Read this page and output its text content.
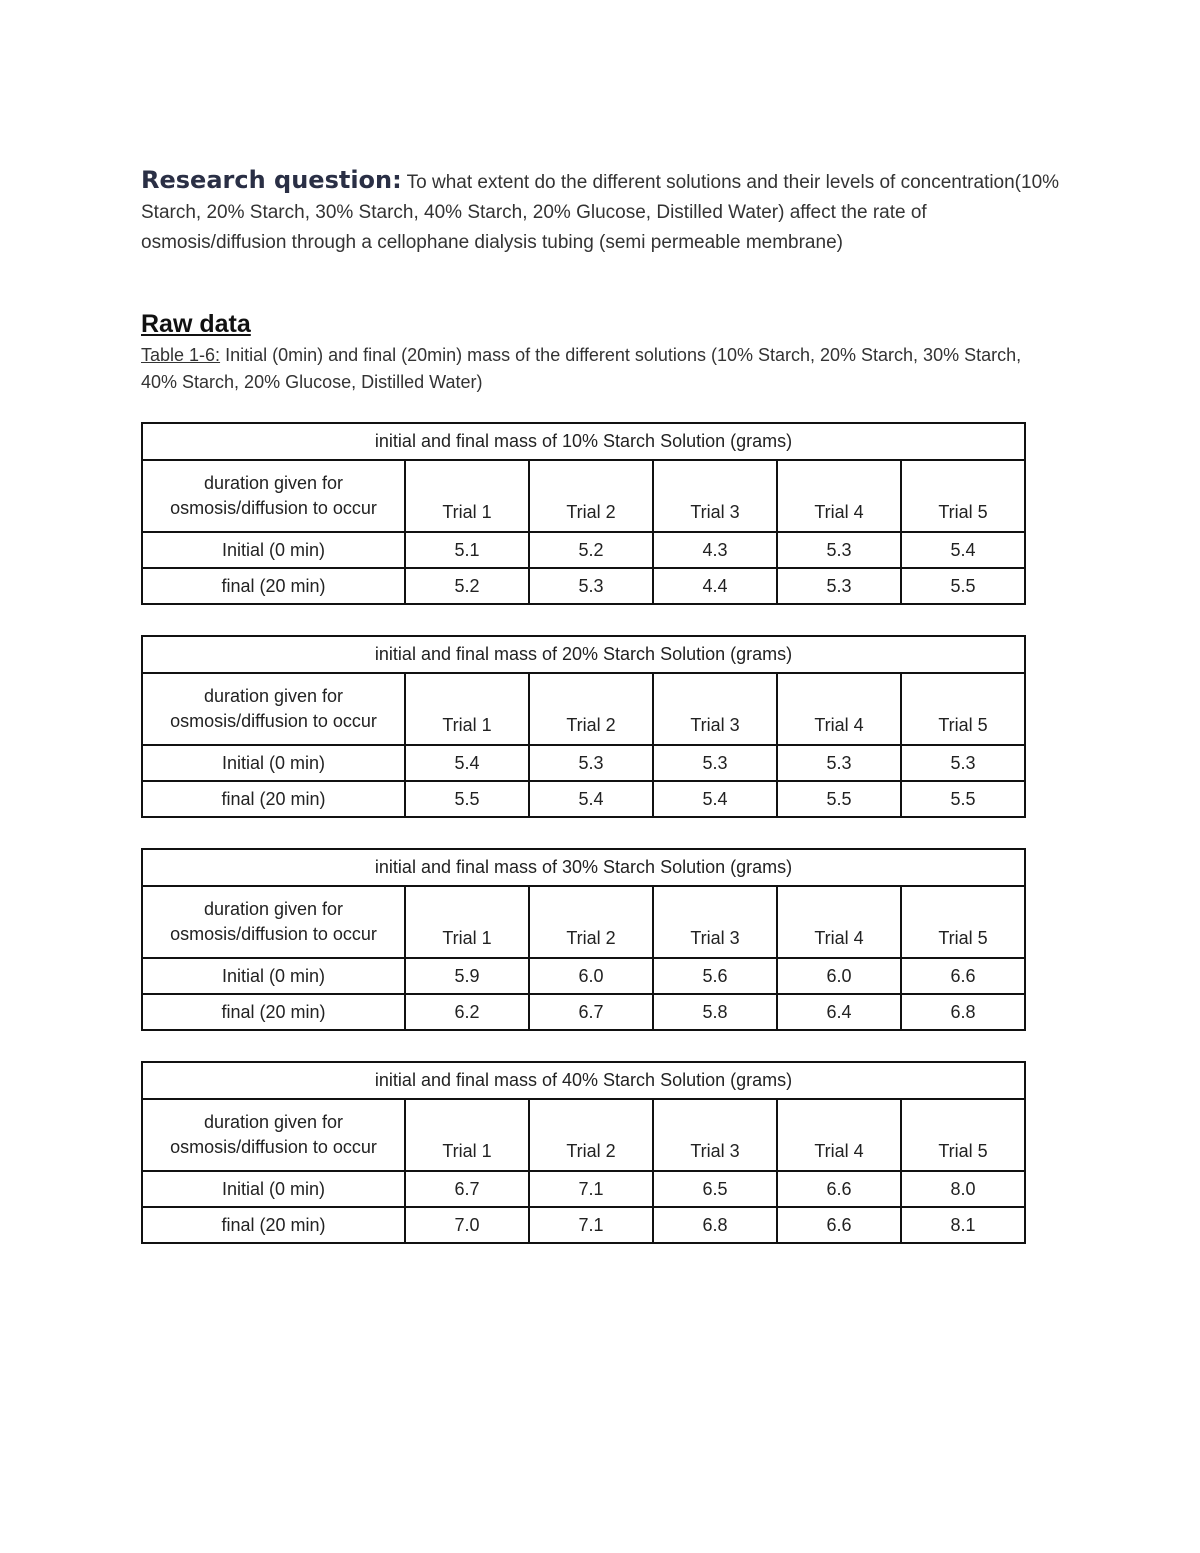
Research question: To what extent do the different solutions and their levels of concentration(10% Starch, 20% Starch, 30% Starch, 40% Starch, 20% Glucose, Distilled Water) affect the rate of osmosis/diffusion through a cellophane dialysis tubing (semi permeable membrane)

Raw data

Table 1-6: Initial (0min) and final (20min) mass of the different solutions (10% Starch, 20% Starch, 30% Starch, 40% Starch, 20% Glucose, Distilled Water)

initial and final mass of 10% Starch Solution (grams)					
duration given for osmosis/diffusion to occur	Trial 1	Trial 2	Trial 3	Trial 4	Trial 5
Initial (0 min)	5.1	5.2	4.3	5.3	5.4
final (20 min)	5.2	5.3	4.4	5.3	5.5
initial and final mass of 20% Starch Solution (grams)					
duration given for osmosis/diffusion to occur	Trial 1	Trial 2	Trial 3	Trial 4	Trial 5
Initial (0 min)	5.4	5.3	5.3	5.3	5.3
final (20 min)	5.5	5.4	5.4	5.5	5.5
initial and final mass of 30% Starch Solution (grams)					
duration given for osmosis/diffusion to occur	Trial 1	Trial 2	Trial 3	Trial 4	Trial 5
Initial (0 min)	5.9	6.0	5.6	6.0	6.6
final (20 min)	6.2	6.7	5.8	6.4	6.8
initial and final mass of 40% Starch Solution (grams)					
duration given for osmosis/diffusion to occur	Trial 1	Trial 2	Trial 3	Trial 4	Trial 5
Initial (0 min)	6.7	7.1	6.5	6.6	8.0
final (20 min)	7.0	7.1	6.8	6.6	8.1
